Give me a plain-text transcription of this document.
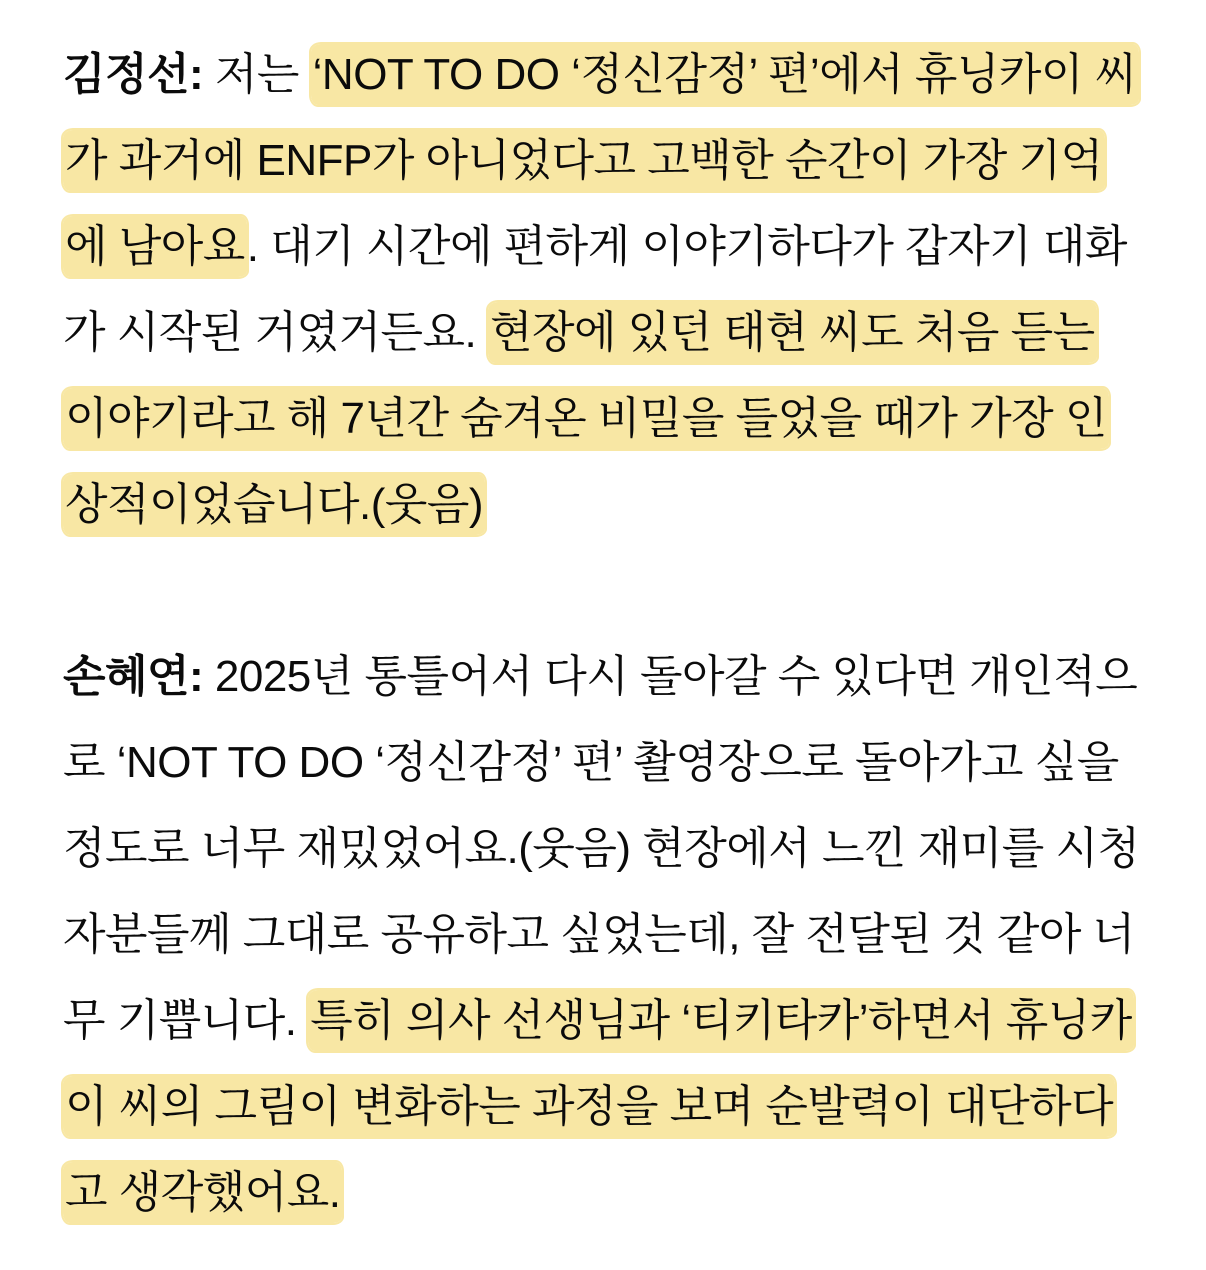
김정선: 저는 ‘NOT TO DO ‘정신감정’ 편’에서 휴닝카이 씨가 과거에 ENFP가 아니었다고 고백한 순간이 가장 기억에 남아요. 대기 시간에 편하게 이야기하다가 갑자기 대화가 시작된 거였거든요. 현장에 있던 태현 씨도 처음 듣는 이야기라고 해 7년간 숨겨온 비밀을 들었을 때가 가장 인상적이었습니다.(웃음)

손혜연: 2025년 통틀어서 다시 돌아갈 수 있다면 개인적으로 ‘NOT TO DO ‘정신감정’ 편’ 촬영장으로 돌아가고 싶을 정도로 너무 재밌었어요.(웃음) 현장에서 느낀 재미를 시청자분들께 그대로 공유하고 싶었는데, 잘 전달된 것 같아 너무 기쁩니다. 특히 의사 선생님과 ‘티키타카’하면서 휴닝카이 씨의 그림이 변화하는 과정을 보며 순발력이 대단하다고 생각했어요.
